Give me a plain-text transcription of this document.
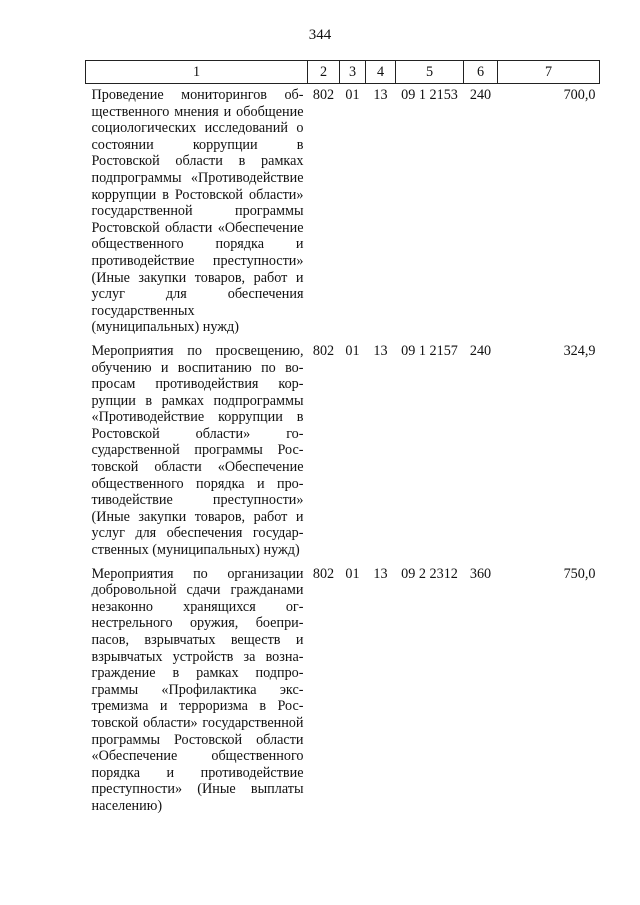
344
1	2	3	4	5	6	7
Проведение мониторингов общественного мнения и обобщение социологических исследований о состоянии коррупции в Ростовской области в рамках подпрограммы «Противодействие коррупции в Ростовской области» государственной программы Ростовской области «Обеспечение общественного порядка и противодействие преступности» (Иные закупки товаров, работ и услуг для обеспечения государственных (муниципальных) нужд)	802	01	13	09 1 2153	240	700,0
Мероприятия по просвещению, обучению и воспитанию по вопросам противодействия коррупции в рамках подпрограммы «Противодействие коррупции в Ростовской области» государственной программы Ростовской области «Обеспечение общественного порядка и противодействие преступности» (Иные закупки товаров, работ и услуг для обеспечения государственных (муниципальных) нужд)	802	01	13	09 1 2157	240	324,9
Мероприятия по организации добровольной сдачи гражданами незаконно хранящихся огнестрельного оружия, боеприпасов, взрывчатых веществ и взрывчатых устройств за вознаграждение в рамках подпрограммы «Профилактика экстремизма и терроризма в Ростовской области» государственной программы Ростовской области «Обеспечение общественного порядка и противодействие преступности» (Иные выплаты населению)	802	01	13	09 2 2312	360	750,0
